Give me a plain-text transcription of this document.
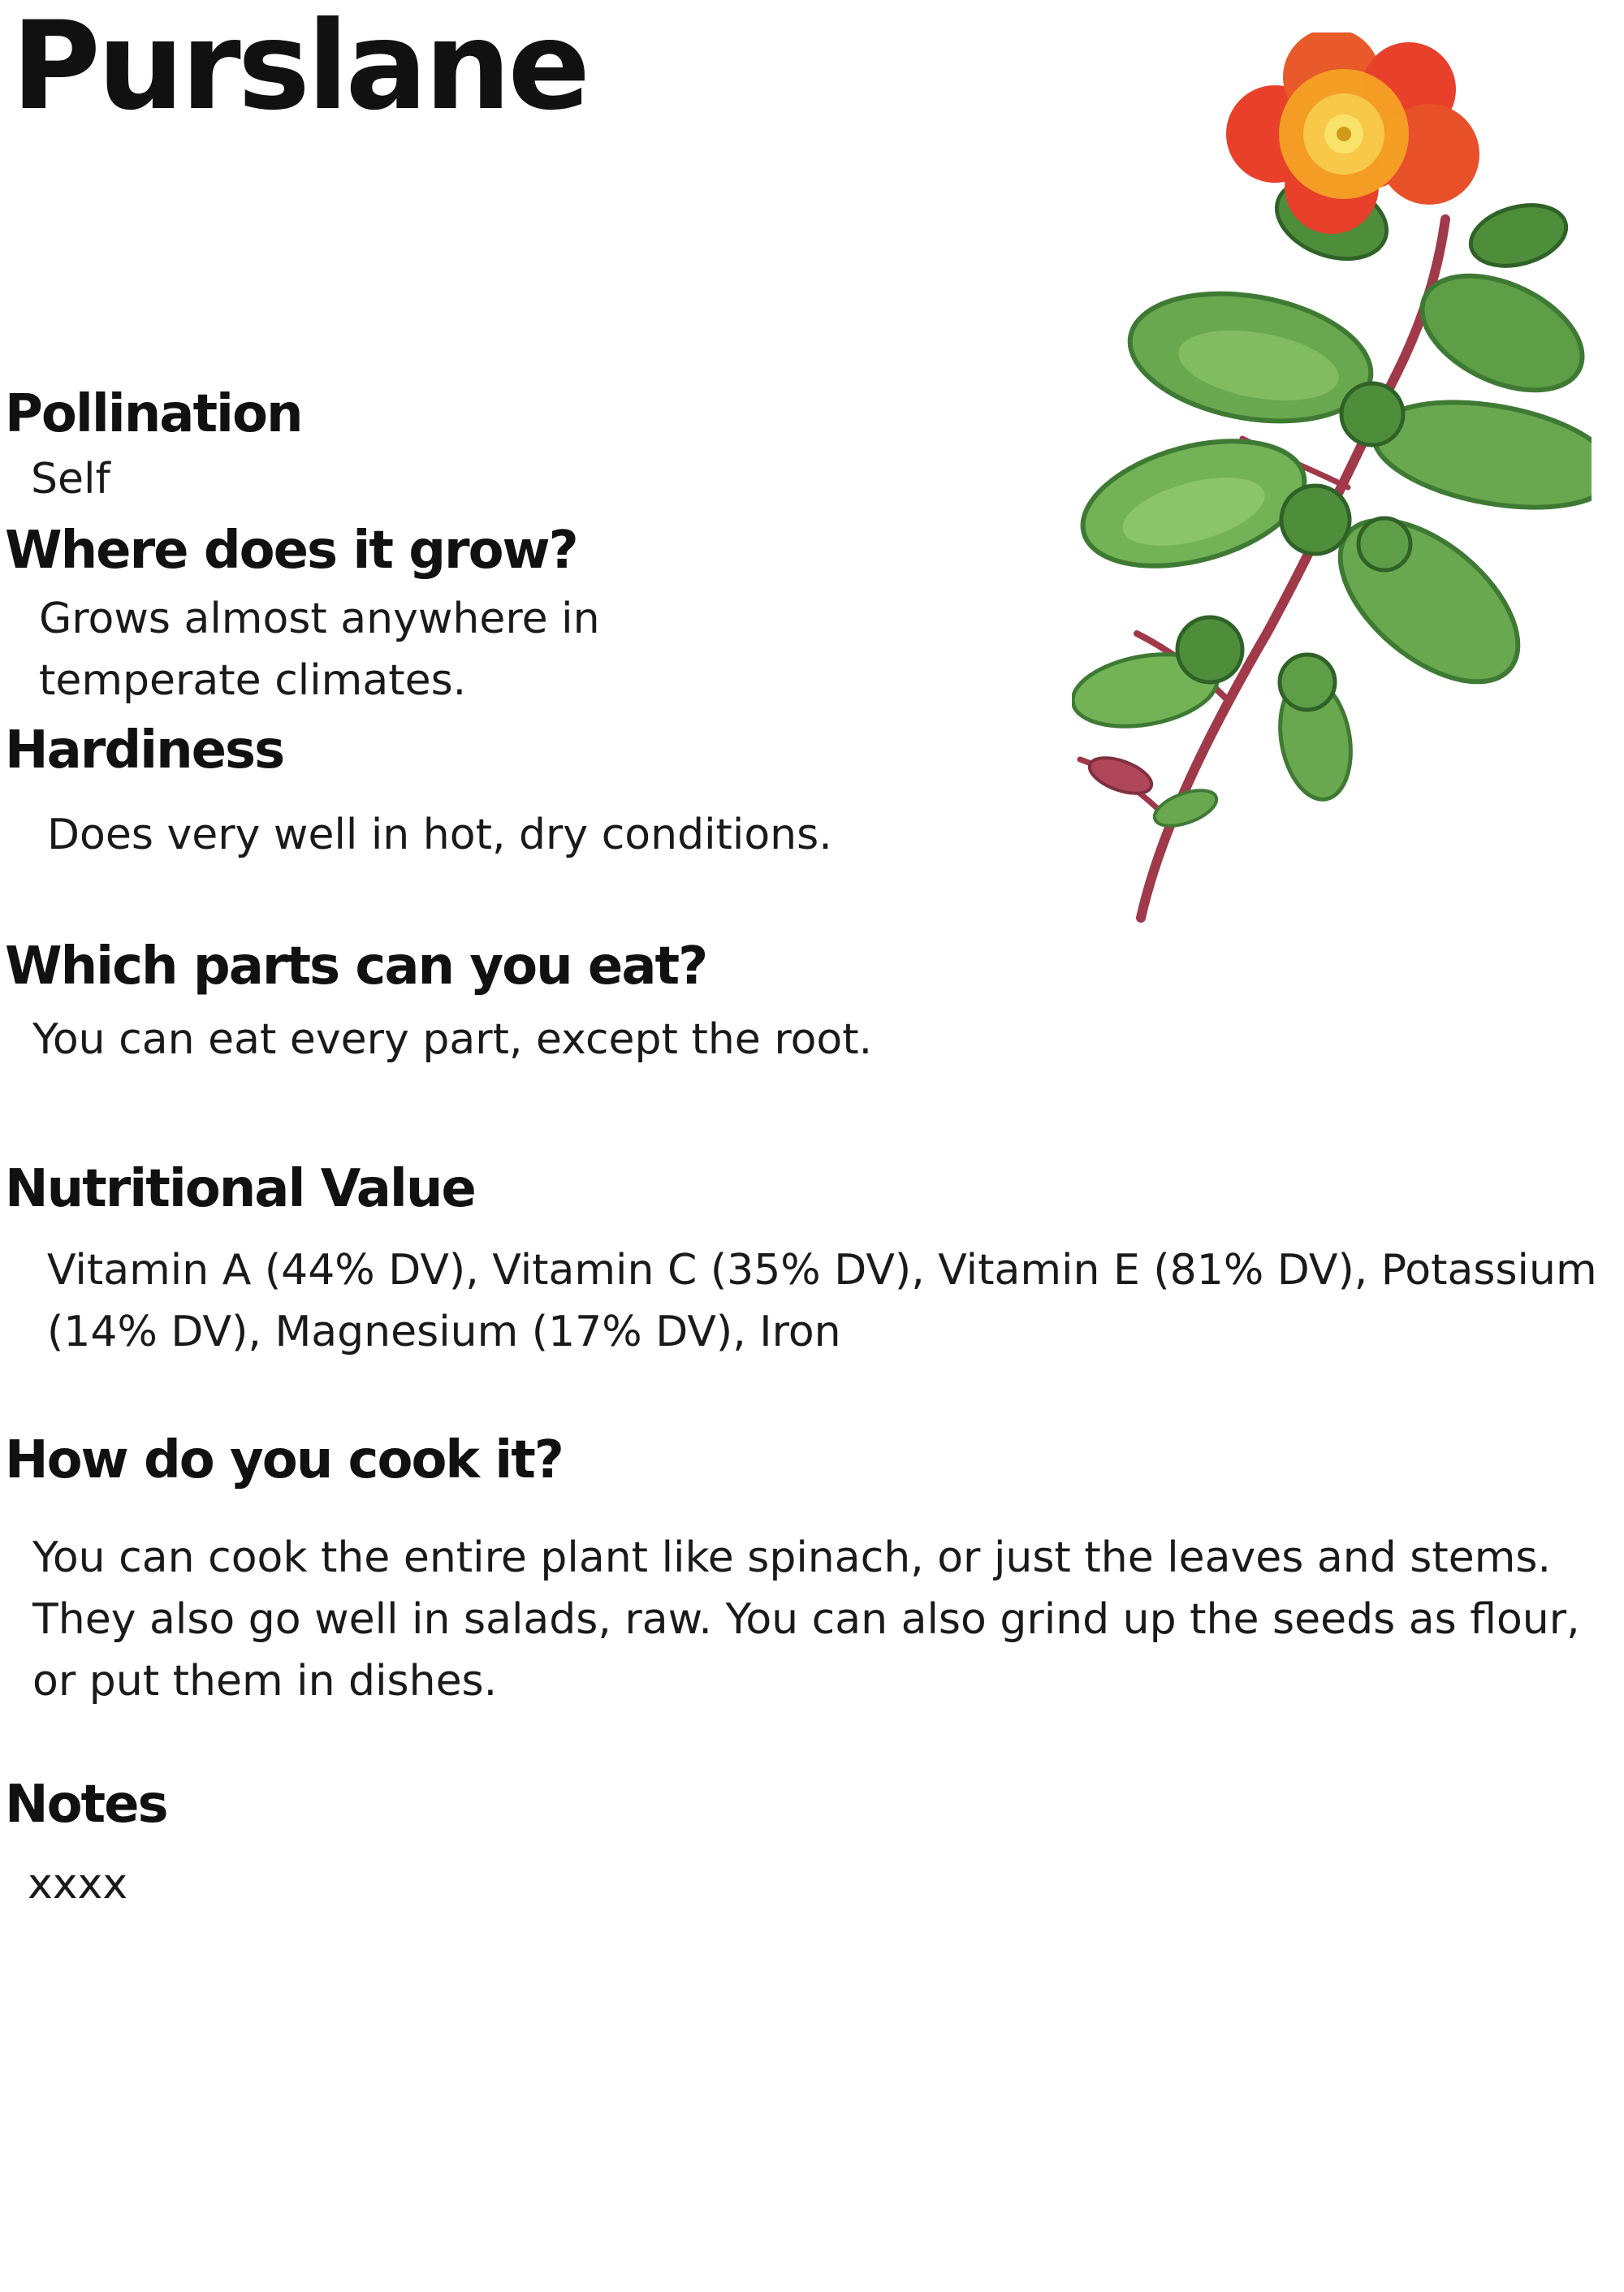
Purslane
Pollination

Self

Where does it grow?

Grows almost anywhere in temperate climates.

Hardiness

Does very well in hot, dry conditions.

Which parts can you eat?

You can eat every part, except the root.

Nutritional Value

Vitamin A (44% DV), Vitamin C (35% DV), Vitamin E (81% DV), Potassium (14% DV), Magnesium (17% DV), Iron

How do you cook it?

You can cook the entire plant like spinach, or just the leaves and stems. They also go well in salads, raw. You can also grind up the seeds as flour, or put them in dishes.

Notes

xxxx
